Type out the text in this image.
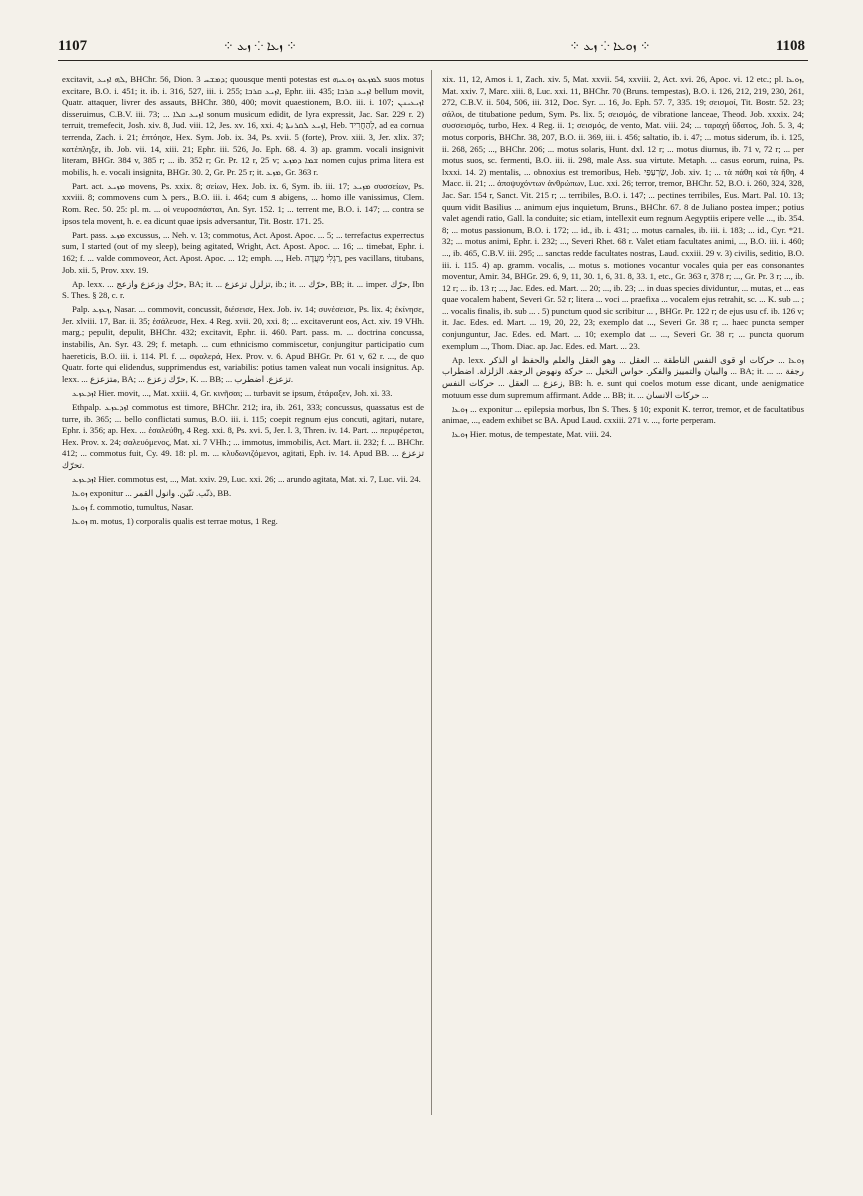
1107	⁘ ܙܥܐ ⁘ ܙܥ ⁘	⁘ ܙܘܥܐ ⁘ ܙܥ ⁘	1108

excitavit, ܠܗ ܐܙܝܥ, BHChr. 56, Dion. ܕܡܫܚ 3; quousque menti potestas est ܠܡܙܥܘ ܙܘܥܝܗ suos motus excitare, B.O. i. 451; it. ib. i. 316, 527, iii. i. 255; ܐܙܝܥ ܩܪܒܐ, Ephr. iii. 435; ܐܙܝܥ ܩܪܒܐ bellum movit, Quatr. attaquer, livrer des assauts, BHChr. 380, 400; movit quaestionem, B.O. iii. i. 107; ܐܙܝܥܝܢܢ disseruimus, C.B.V. iii. 73; ... ܐܙܝܥ ܩܠܐ sonum musicum edidit, de lyra expressit, Jac. Sar. 229 r. 2) terruit, tremefecit, Josh. xiv. 8, Jud. viii. 12, Jes. xv. 16, xxi. 4; ܐܙܝܥ ܠܩܪܢܬܐ, Heb. לְהַחֲרִיד, ad ea cornua terrenda, Zach. i. 21; ἐπτόησε, Hex. Sym. Job. ix. 34, Ps. xvii. 5 (forte), Prov. xiii. 3, Jer. xlix. 37; κατέπληξε, ib. Job. vii. 14, xiii. 21; Ephr. iii. 526, Jo. Eph. 68. 4. 3) ap. gramm. vocali insignivit literam, BHGr. 384 v, 385 r; ... ib. 352 r; Gr. Pr. 12 r, 25 v; ܫܡܐ ܕܡܙܥ nomen cujus prima litera est mobilis, h. e. vocali insignita, BHGr. 30. 2, Gr. Pr. 25 r; it. ܡܙܥ, Gr. 363 r.

Part. act. ܡܙܝܥ movens, Ps. xxix. 8; σείων, Hex. Job. ix. 6, Sym. ib. iii. 17; ܡܙܝܥ συσσείων, Ps. xxviii. 8; commovens cum ܠ pers., B.O. iii. i. 464; cum ܦ abigens, ... homo ille vanissimus, Clem. Rom. Rec. 50. 25: pl. m. ... οἱ νευροσπάσται, An. Syr. 152. 1; ... terrent me, B.O. i. 147; ... contra se ipsos tela movent, h. e. ea dicunt quae ipsis adversantur, Tit. Bostr. 171. 25.

Part. pass. ܡܙܥ excussus, ... Neh. v. 13; commotus, Act. Apost. Apoc. ... 5; ... terrefactus experrectus sum, I started (out of my sleep), being agitated, Wright, Act. Apost. Apoc. ... 16; ... timebat, Ephr. i. 162; f. ... valde commoveor, Act. Apost. Apoc. ... 12; emph. ..., Heb. רַגְלִי מָעֲדָה, pes vacillans, titubans, Job. xii. 5, Prov. xxv. 19.

Ap. lexx. ... حرّك وزعزع وازعج, BA; it. ... تزلزل تزعزع, ib.; it. ... حرّك, BB; it. ... imper. حرّك, Ibn S. Thes. § 28, c. r.

Palp. ܙܥܙܥ, Nasar. ... commovit, concussit, διέσεισε, Hex. Job. iv. 14; συνέσεισε, Ps. lix. 4; ἐκίνησε, Jer. xlviii. 17, Bar. ii. 35; ἐσάλευσε, Hex. 4 Reg. xvii. 20, xxi. 8; ... excitaverunt eos, Act. xiv. 19 VHh. marg.; pepulit, depulit, BHChr. 432; excitavit, Ephr. ii. 460. Part. pass. m. ... doctrina concussa, instabilis, An. Syr. 43. 29; f. metaph. ... cum ethnicismo commiscetur, conjungitur participatio cum haereticis, B.O. iii. i. 114. Pl. f. ... σφαλερά, Hex. Prov. v. 6. Apud BHGr. Pr. 61 v, 62 r. ..., de quo Quatr. forte qui elidendus, supprimendus est, variabilis: potius tamen valeat nun vocali insignitus. Ap. lexx. ... متزعزع, BA; ... حرّك زعزع, K. ... BB; ... تزعزع. اضطرب.

ܐܙܕܥܙܥ Hier. movit, ..., Mat. xxiii. 4, Gr. κινῆσαι; ... turbavit se ipsum, ἐτάραξεν, Joh. xi. 33.

Ethpalp. ܐܙܕܥܙܥ commotus est timore, BHChr. 212; ira, ib. 261, 333; concussus, quassatus est de turre, ib. 365; ... bello conflictati sumus, B.O. iii. i. 115; coepit regnum ejus concuti, agitari, nutare, Ephr. i. 356; ap. Hex. ... ἐσαλεύθη, 4 Reg. xxi. 8, Ps. xvi. 5, Jer. l. 3, Thren. iv. 14. Part. ... περιφέρεται, Hex. Prov. x. 24; σαλευόμενος, Mat. xi. 7 VHh.; ... immotus, immobilis, Act. Mart. ii. 232; f. ... BHChr. 412; ... commotus fuit, Cy. 49. 18: pl. m. ... κλυδωνιζόμενοι, agitati, Eph. iv. 14. Apud BB. ... تزعزع تحرّك.

ܐܙܕܥܙܥ Hier. commotus est, ..., Mat. xxiv. 29, Luc. xxi. 26; ... arundo agitata, Mat. xi. 7, Luc. vii. 24.

ܙܘܥܐ exponitur ... ذنّب. تنّين. وانول القمر, BB.

ܙܘܥܐ f. commotio, tumultus, Nasar.

ܙܘܥܐ m. motus, 1) corporalis qualis est terrae motus, 1 Reg.

xix. 11, 12, Amos i. 1, Zach. xiv. 5, Mat. xxvii. 54, xxviii. 2, Act. xvi. 26, Apoc. vi. 12 etc.; pl. ܙܘܥܐ, Mat. xxiv. 7, Marc. xiii. 8, Luc. xxi. 11, BHChr. 70 (Bruns. tempestas), B.O. i. 126, 212, 219, 230, 261, 272, C.B.V. ii. 504, 506, iii. 312, Doc. Syr. ... 16, Jo. Eph. 57. 7, 335. 19; σεισμοί, Tit. Bostr. 52. 23; σάλοι, de titubatione pedum, Sym. Ps. lix. 5; σεισμός, de vibratione lanceae, Theod. Job. xxxix. 24; συσσεισμός, turbo, Hex. 4 Reg. ii. 1; σεισμός, de vento, Mat. viii. 24; ... ταραχή ὕδατος, Joh. 5. 3, 4; motus corporis, BHChr. 38, 207, B.O. ii. 369, iii. i. 456; saltatio, ib. i. 47; ... motus siderum, ib. i. 125, ii. 268, 265; ..., BHChr. 206; ... motus solaris, Hunt. dxl. 12 r; ... motus diurnus, ib. 71 v, 72 r; ... per motus suos, sc. fermenti, B.O. iii. ii. 298, male Ass. sua virtute. Metaph. ... casus eorum, ruina, Ps. lxxxi. 14. 2) mentalis, ... obnoxius est tremoribus, Heb. שַׂרְעַפַּי, Job. xiv. 1; ... τὰ πάθη καὶ τὰ ἤθη, 4 Macc. ii. 21; ... ἀποψυχόντων ἀνθρώπων, Luc. xxi. 26; terror, tremor, BHChr. 52, B.O. i. 260, 324, 328, Jac. Sar. 154 r, Sanct. Vit. 215 r; ... terribiles, B.O. i. 147; ... pectines terribiles, Eus. Mart. Pal. 10. 13; quum vidit Basilius ... animum ejus inquietum, Bruns., BHChr. 67. 8 de Juliano postea imper.; potius valet agendi ratio, Gall. la conduite; sic etiam, intellexit eum regnum Aegyptiis eripere velle ..., ib. 354. 8; ... motus passionum, B.O. i. 172; ... id., ib. i. 431; ... motus carnales, ib. iii. i. 183; ... id., Cyr. *21. 32; ... motus animi, Ephr. i. 232; ..., Severi Rhet. 68 r. Valet etiam facultates animi, ..., B.O. iii. i. 460; ..., ib. 465, C.B.V. iii. 295; ... sanctas redde facultates nostras, Laud. cxxiii. 29 v. 3) civilis, seditio, B.O. iii. i. 115. 4) ap. gramm. vocalis, ... motus s. motiones vocantur vocales quia per eas consonantes moventur, Amir. 34, BHGr. 29. 6, 9, 11, 30. 1, 6, 31. 8, 33. 1, etc., Gr. 363 r, 378 r; ..., Gr. Pr. 3 r; ..., ib. 12 r; ... ib. 13 r; ..., Jac. Edes. ed. Mart. ... 20; ..., ib. 23; ... in duas species dividuntur, ... mutas, et ... eas quae vocalem habent, Severi Gr. 52 r; litera ... voci ... praefixa ... vocalem ejus retrahit, sc. ... K. sub ... ; ... vocalis finalis, ib. sub ... . 5) punctum quod sic scribitur ... , BHGr. Pr. 122 r; de ejus usu cf. ib. 126 v; it. Jac. Edes. ed. Mart. ... 19, 20, 22, 23; exemplo dat ..., Severi Gr. 38 r; ... haec puncta semper conjunguntur, Jac. Edes. ed. Mart. ... 10; exemplo dat ... ..., Severi Gr. 38 r; ... puncta quorum exemplum ..., Thom. Diac. ap. Jac. Edes. ed. Mart. ... 23.

Ap. lexx. ܙܘܥܐ ... حركات او قوى النفس الناطقة ... العقل ... وهو العقل والعلم والحفظ او الذكر والبيان والتمييز والفكر. حواس التخيل ... حركة ونهوض الرجفة. الزلزلة. اضطراب ... BA; it. ... رجفة ... زعزع ... العقل ... حركات النفس, BB: h. e. sunt qui coelos motum esse dicant, unde aenigmatice motuum esse dum supremum affirmant. Adde ... BB; it. ... حركات الانسان ...

ܙܘܥܐ ... exponitur ... epilepsia morbus, Ibn S. Thes. § 10; exponit K. terror, tremor, et de facultatibus animae, ..., eadem exhibet sc BA. Apud Laud. cxxiii. 271 v. ..., forte perperam.

ܙܘܥܐ Hier. motus, de tempestate, Mat. viii. 24.
